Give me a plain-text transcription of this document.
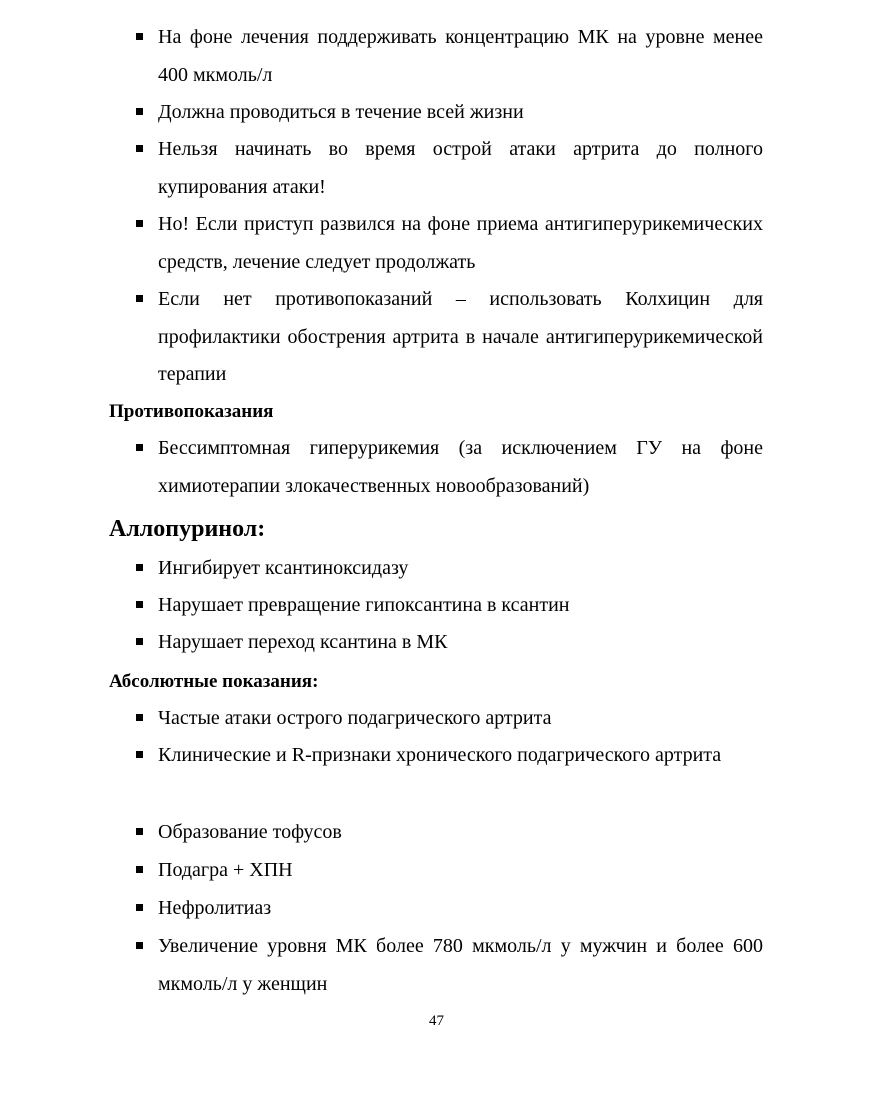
На фоне лечения поддерживать концентрацию МК на уровне менее 400 мкмоль/л
Должна проводиться в течение всей жизни
Нельзя начинать во время острой атаки артрита до полного купирования атаки!
Но! Если приступ развился на фоне приема антигиперурикемических средств, лечение следует продолжать
Если нет противопоказаний – использовать Колхицин для профилактики обострения артрита в начале антигиперурикемической терапии
Противопоказания
Бессимптомная гиперурикемия (за исключением ГУ на фоне химиотерапии злокачественных новообразований)
Аллопуринол:
Ингибирует ксантиноксидазу
Нарушает превращение гипоксантина в ксантин
Нарушает переход ксантина в МК
Абсолютные показания:
Частые атаки острого подагрического артрита
Клинические и R-признаки хронического подагрического артрита
Образование тофусов
Подагра + ХПН
Нефролитиаз
Увеличение уровня МК более 780 мкмоль/л у мужчин и более 600 мкмоль/л у женщин
47
